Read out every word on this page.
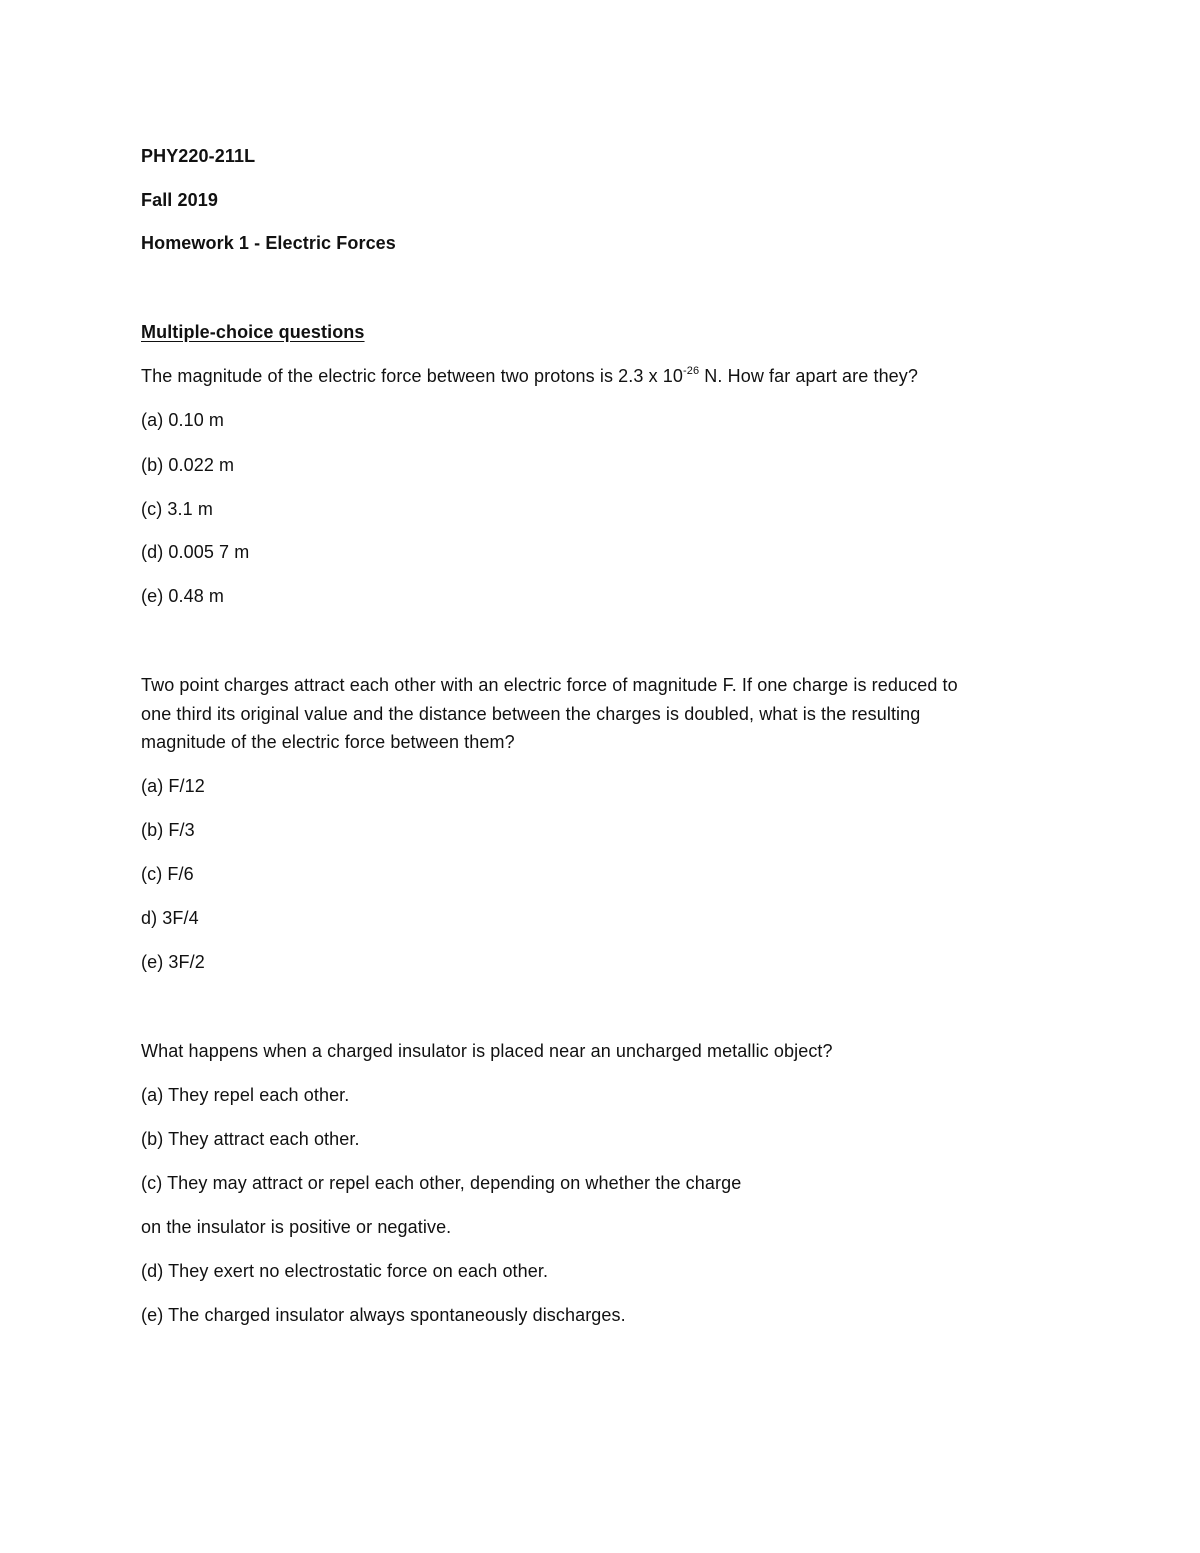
PHY220-211L
Fall 2019
Homework 1 - Electric Forces
Multiple-choice questions
The magnitude of the electric force between two protons is 2.3 x $10^{-26}$ N. How far apart are they?
(a) 0.10 m
(b) 0.022 m
(c) 3.1 m
(d) 0.005 7 m
(e) 0.48 m
Two point charges attract each other with an electric force of magnitude F. If one charge is reduced to
one third its original value and the distance between the charges is doubled, what is the resulting
magnitude of the electric force between them?
(a) F/12
(b) F/3
(c) F/6
d) 3F/4
(e) 3F/2
What happens when a charged insulator is placed near an uncharged metallic object?
(a) They repel each other.
(b) They attract each other.
(c) They may attract or repel each other, depending on whether the charge
on the insulator is positive or negative.
(d) They exert no electrostatic force on each other.
(e) The charged insulator always spontaneously discharges.
